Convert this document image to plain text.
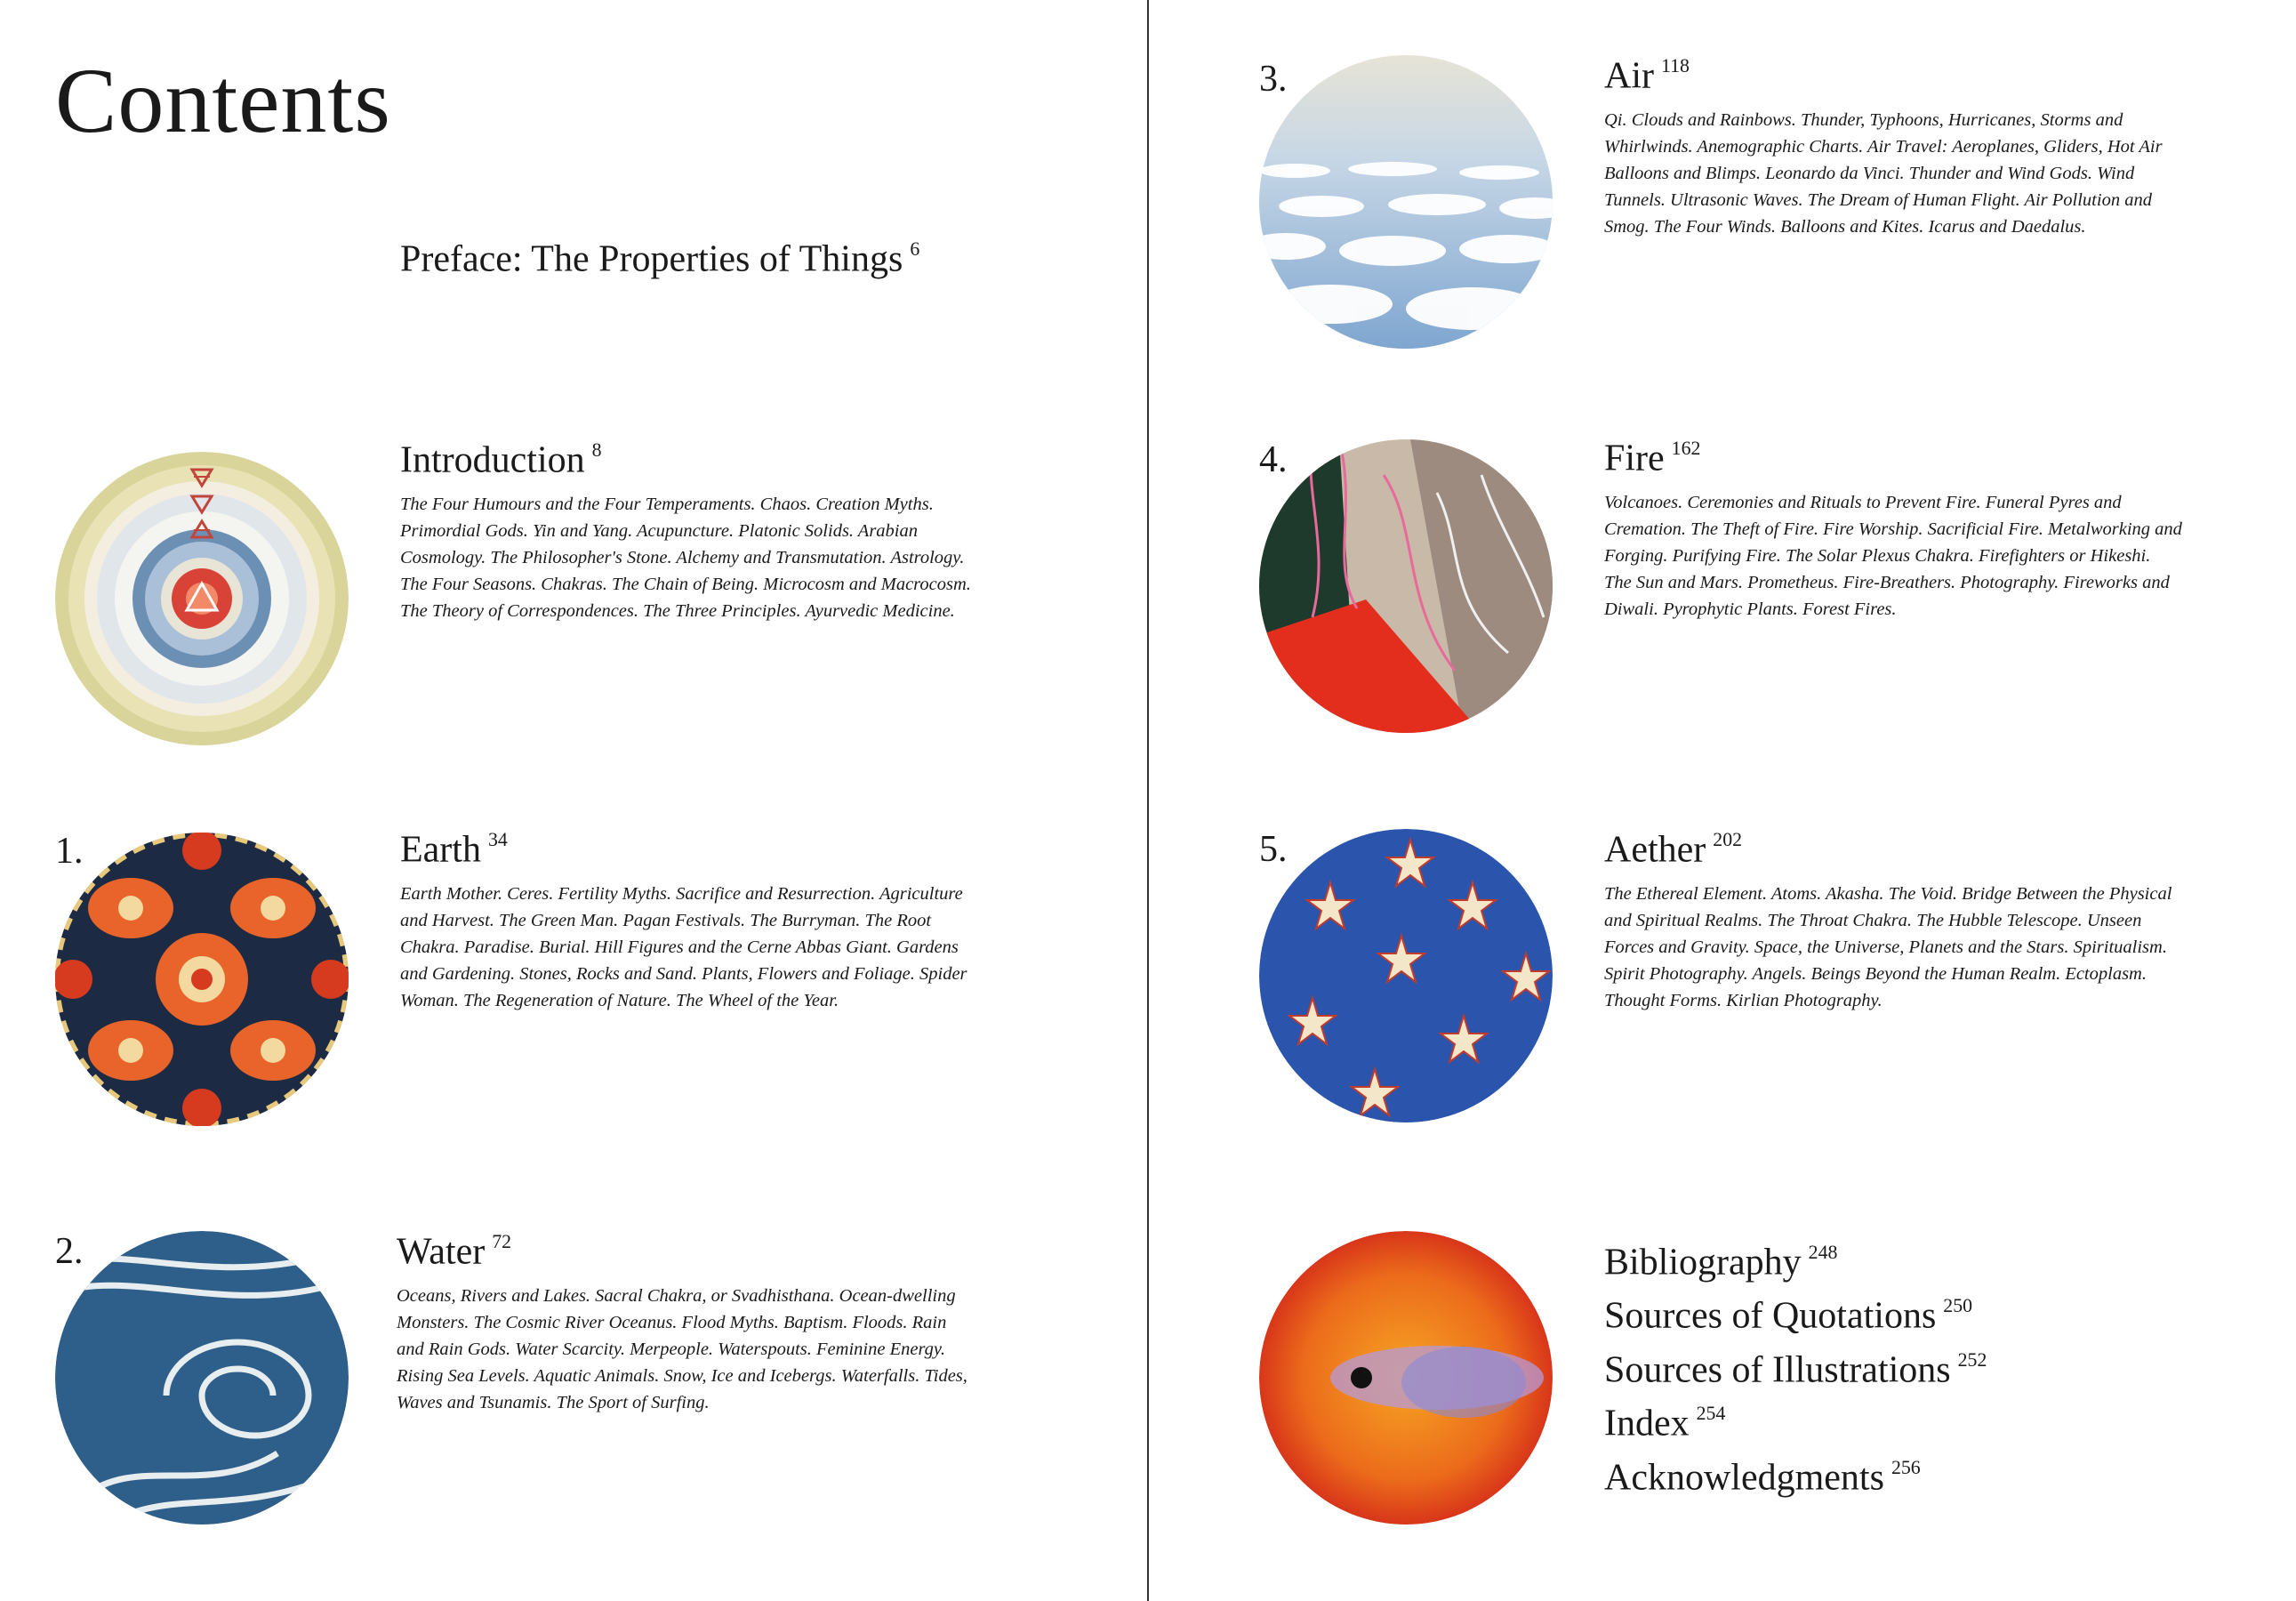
Contents
Preface: The Properties of Things $^6$
Introduction $^8$

The Four Humours and the Four Temperaments. Chaos. Creation Myths. Primordial Gods. Yin and Yang. Acupuncture. Platonic Solids. Arabian Cosmology. The Philosopher's Stone. Alchemy and Transmutation. Astrology. The Four Seasons. Chakras. The Chain of Being. Microcosm and Macrocosm. The Theory of Correspondences. The Three Principles. Ayurvedic Medicine.

1.	Earth $^{34}$

Earth Mother. Ceres. Fertility Myths. Sacrifice and Resurrection. Agriculture and Harvest. The Green Man. Pagan Festivals. The Burryman. The Root Chakra. Paradise. Burial. Hill Figures and the Cerne Abbas Giant. Gardens and Gardening. Stones, Rocks and Sand. Plants, Flowers and Foliage. Spider Woman. The Regeneration of Nature. The Wheel of the Year.

2.	Water $^{72}$

Oceans, Rivers and Lakes. Sacral Chakra, or Svadhisthana. Ocean-dwelling Monsters. The Cosmic River Oceanus. Flood Myths. Baptism. Floods. Rain and Rain Gods. Water Scarcity. Merpeople. Waterspouts. Feminine Energy. Rising Sea Levels. Aquatic Animals. Snow, Ice and Icebergs. Waterfalls. Tides, Waves and Tsunamis. The Sport of Surfing.

3.	Air $^{118}$

Qi. Clouds and Rainbows. Thunder, Typhoons, Hurricanes, Storms and Whirlwinds. Anemographic Charts. Air Travel: Aeroplanes, Gliders, Hot Air Balloons and Blimps. Leonardo da Vinci. Thunder and Wind Gods. Wind Tunnels. Ultrasonic Waves. The Dream of Human Flight. Air Pollution and Smog. The Four Winds. Balloons and Kites. Icarus and Daedalus.

4.	Fire $^{162}$

Volcanoes. Ceremonies and Rituals to Prevent Fire. Funeral Pyres and Cremation. The Theft of Fire. Fire Worship. Sacrificial Fire. Metalworking and Forging. Purifying Fire. The Solar Plexus Chakra. Firefighters or Hikeshi. The Sun and Mars. Prometheus. Fire-Breathers. Photography. Fireworks and Diwali. Pyrophytic Plants. Forest Fires.

5.	Aether $^{202}$

The Ethereal Element. Atoms. Akasha. The Void. Bridge Between the Physical and Spiritual Realms. The Throat Chakra. The Hubble Telescope. Unseen Forces and Gravity. Space, the Universe, Planets and the Stars. Spiritualism. Spirit Photography. Angels. Beings Beyond the Human Realm. Ectoplasm. Thought Forms. Kirlian Photography.

Bibliography $^{248}$
Sources of Quotations $^{250}$
Sources of Illustrations $^{252}$
Index $^{254}$
Acknowledgments $^{256}$
